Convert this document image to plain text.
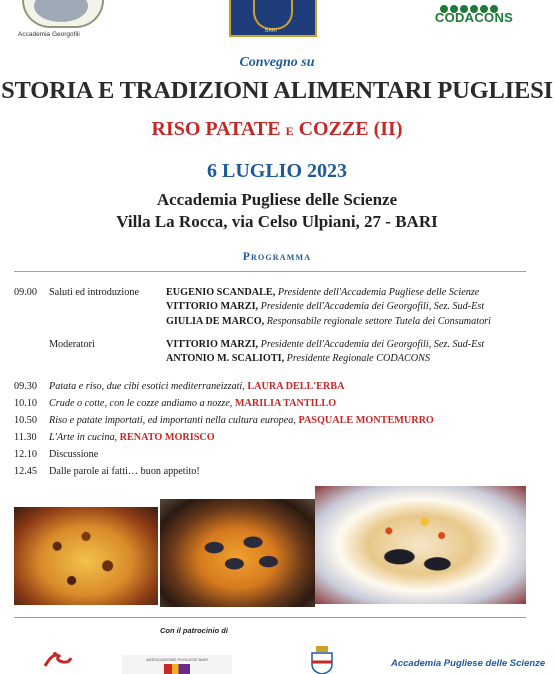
Accademia Georgofili	BARI
CODACONS
Convegno su
STORIA E TRADIZIONI ALIMENTARI PUGLIESI
RISO PATATE E COZZE (II)
6 LUGLIO 2023
Accademia Pugliese delle Scienze
Villa La Rocca, via Celso Ulpiani, 27 - BARI
Programma
09.00 Saluti ed introduzione	EUGENIO SCANDALE, Presidente dell'Accademia Pugliese delle Scienze
VITTORIO MARZI, Presidente dell'Accademia dei Georgofili, Sez. Sud-Est
GIULIA DE MARCO, Responsabile regionale settore Tutela dei Consumatori
Moderatori	VITTORIO MARZI, Presidente dell'Accademia dei Georgofili, Sez. Sud-Est
ANTONIO M. SCALIOTI, Presidente Regionale CODACONS
09.30 Patata e riso, due cibi esotici mediterraneizzati, LAURA DELL'ERBA
10.10 Crude o cotte, con le cozze andiamo a nozze, MARILIA TANTILLO
10.50 Riso e patate importati, ed importanti nella cultura europea, PASQUALE MONTEMURRO
11.30 L'Arte in cucina, RENATO MORISCO
12.10 Discussione
12.45 Dalle parole ai fatti… buon appetito!
Con il patrocinio di
ASSOCIAZIONE PUGLIESE BARI	Accademia Pugliese delle Scienze
